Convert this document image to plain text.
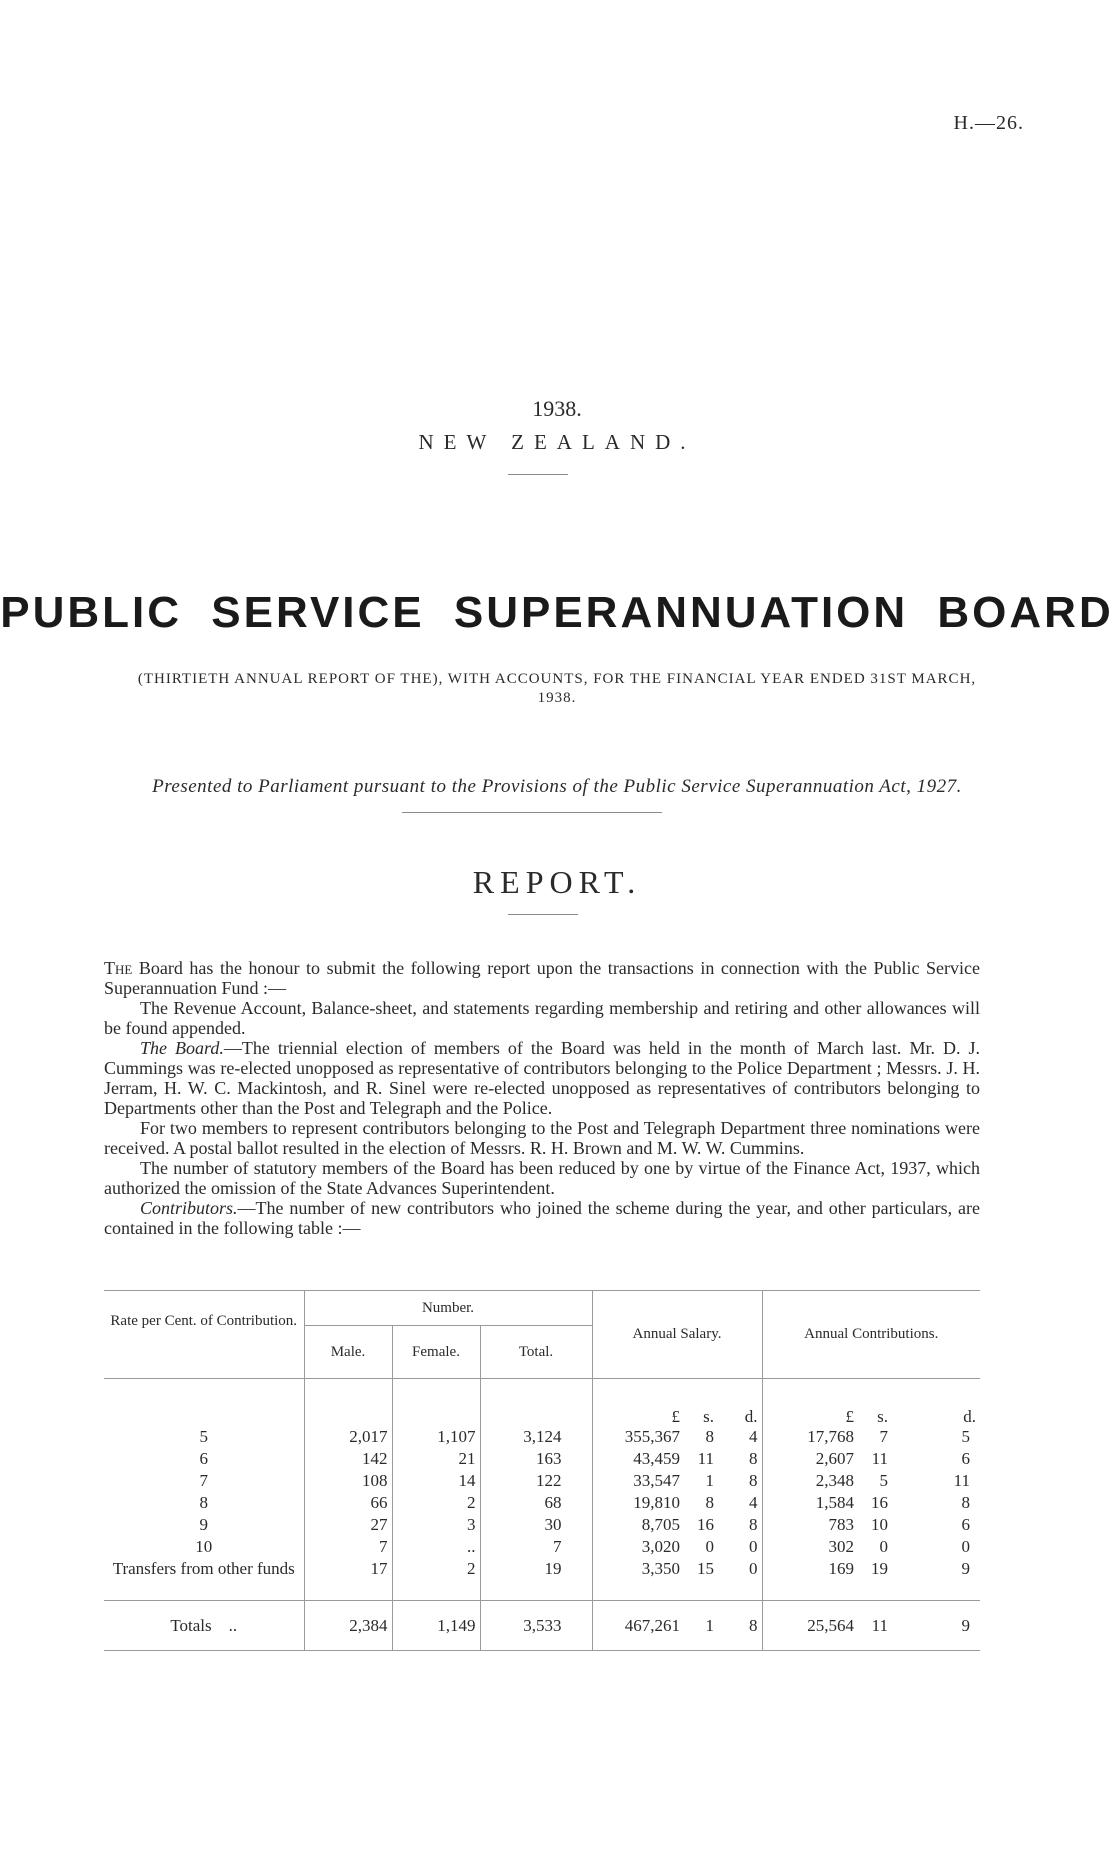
H.—26.
1938.
NEW ZEALAND.
PUBLIC SERVICE SUPERANNUATION BOARD
(THIRTIETH ANNUAL REPORT OF THE), WITH ACCOUNTS, FOR THE FINANCIAL YEAR ENDED 31ST MARCH, 1938.
Presented to Parliament pursuant to the Provisions of the Public Service Superannuation Act, 1927.
REPORT.

The Board has the honour to submit the following report upon the transactions in connection with the Public Service Superannuation Fund :—

The Revenue Account, Balance-sheet, and statements regarding membership and retiring and other allowances will be found appended.

The Board.—The triennial election of members of the Board was held in the month of March last. Mr. D. J. Cummings was re-elected unopposed as representative of contributors belonging to the Police Department ; Messrs. J. H. Jerram, H. W. C. Mackintosh, and R. Sinel were re-elected unopposed as representatives of contributors belonging to Departments other than the Post and Telegraph and the Police.

For two members to represent contributors belonging to the Post and Telegraph Department three nominations were received. A postal ballot resulted in the election of Messrs. R. H. Brown and M. W. W. Cummins.

The number of statutory members of the Board has been reduced by one by virtue of the Finance Act, 1937, which authorized the omission of the State Advances Superintendent.

Contributors.—The number of new contributors who joined the scheme during the year, and other particulars, are contained in the following table :—

Rate per Cent. of Contribution.	Number.			Annual Salary.			Annual Contributions.		
	Male.	Female.	Total.						
				£	s.	d.	£	s.	d.
5	2,017	1,107	3,124	355,367	8	4	17,768	7	5
6	142	21	163	43,459	11	8	2,607	11	6
7	108	14	122	33,547	1	8	2,348	5	11
8	66	2	68	19,810	8	4	1,584	16	8
9	27	3	30	8,705	16	8	783	10	6
10	7	..	7	3,020	0	0	302	0	0
Transfers from other funds	17	2	19	3,350	15	0	169	19	9
Totals ..	2,384	1,149	3,533	467,261	1	8	25,564	11	9
